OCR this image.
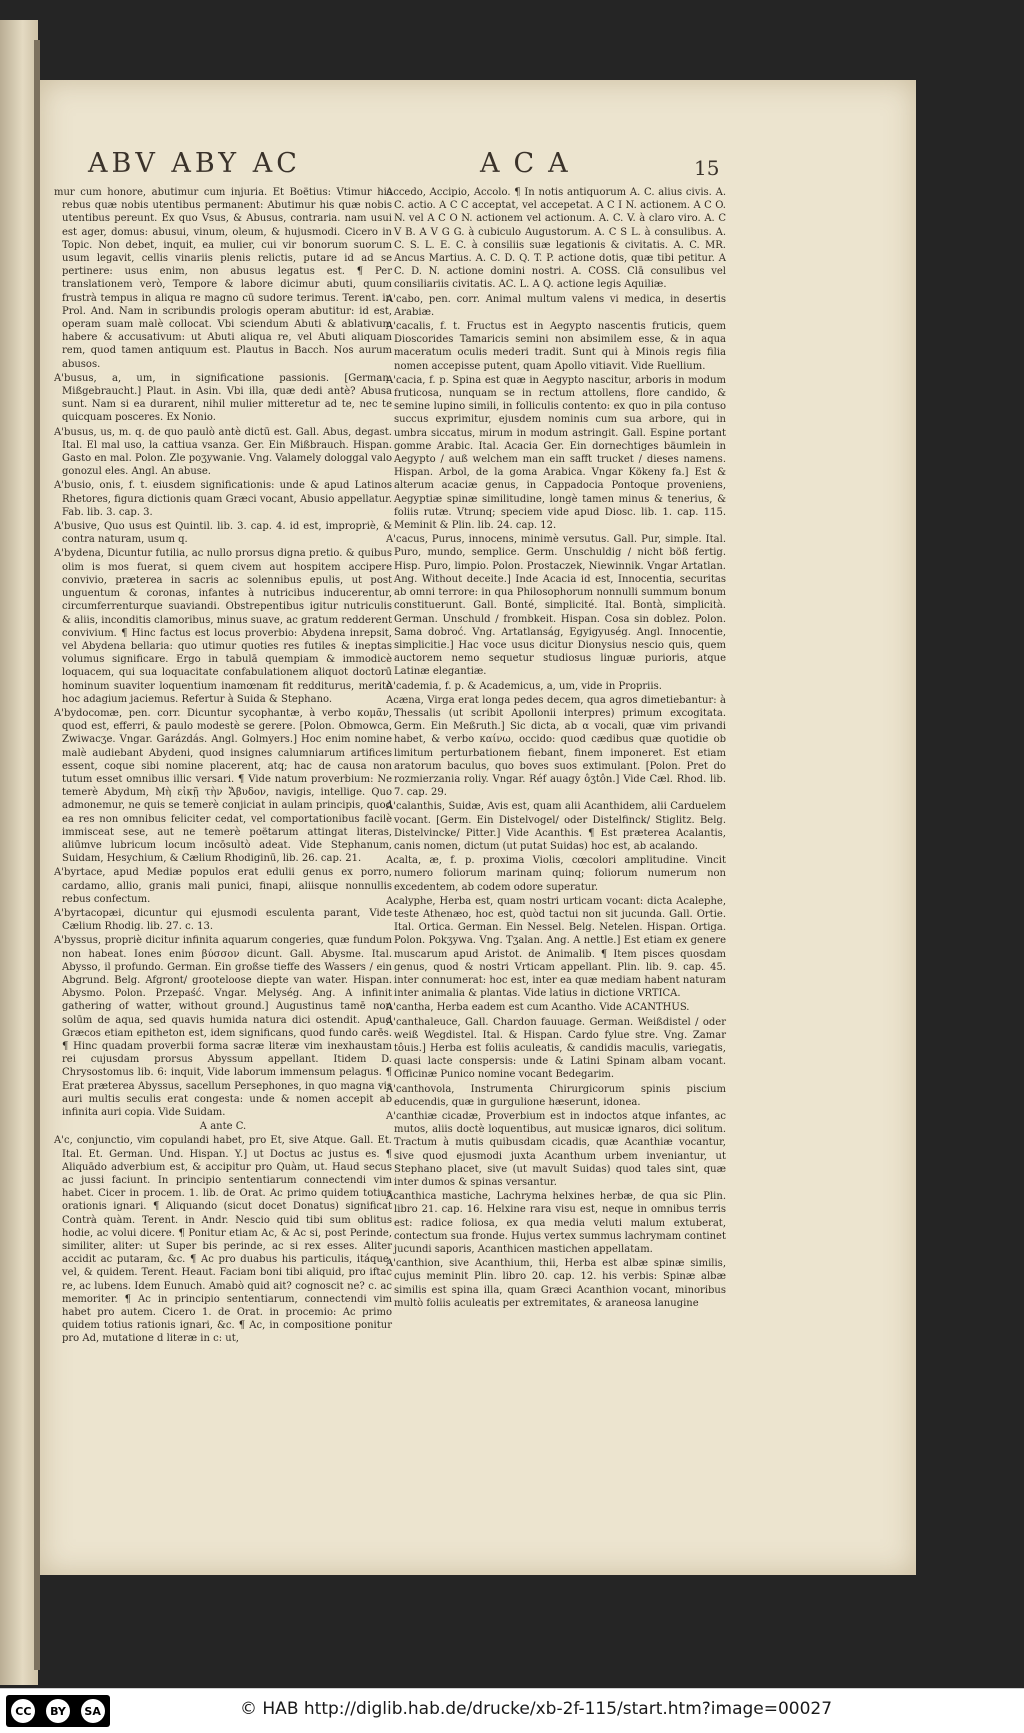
ABV ABY AC	ACA	15

mur cum honore, abutimur cum injuria. Et Boëtius: Vtimur his rebus quæ nobis utentibus permanent: Abutimur his quæ nobis utentibus pereunt. Ex quo Vsus, & Abusus, contraria. nam usui est ager, domus: abusui, vinum, oleum, & hujusmodi. Cicero in Topic. Non debet, inquit, ea mulier, cui vir bonorum suorum usum legavit, cellis vinariis plenis relictis, putare id ad se pertinere: usus enim, non abusus legatus est. ¶ Per translationem verò, Tempore & labore dicimur abuti, quum frustrà tempus in aliqua re magno cū sudore terimus. Terent. in Prol. And. Nam in scribundis prologis operam abutitur: id est, operam suam malè collocat. Vbi sciendum Abuti & ablativum habere & accusativum: ut Abuti aliqua re, vel Abuti aliquam rem, quod tamen antiquum est. Plautus in Bacch. Nos aurum abusos.

A'busus, a, um, in significatione passionis. [German. Mißgebraucht.] Plaut. in Asin. Vbi illa, quæ dedi antè? Abusa sunt. Nam si ea durarent, nihil mulier mitteretur ad te, nec te quicquam posceres. Ex Nonio.

A'busus, us, m. q. de quo paulò antè dictū est. Gall. Abus, degast. Ital. El mal uso, la cattiua vsanza. Ger. Ein Mißbrauch. Hispan. Gasto en mal. Polon. Zle poʒywanie. Vng. Valamely dologgal valo gonozul eles. Angl. An abuse.

A'busio, onis, f. t. eiusdem significationis: unde & apud Latinos Rhetores, figura dictionis quam Græci vocant, Abusio appellatur. Fab. lib. 3. cap. 3.

A'busive, Quo usus est Quintil. lib. 3. cap. 4. id est, impropriè, & contra naturam, usum q.

A'bydena, Dicuntur futilia, ac nullo prorsus digna pretio. & quibus olim is mos fuerat, si quem civem aut hospitem accipere convivio, præterea in sacris ac solennibus epulis, ut post unguentum & coronas, infantes à nutricibus inducerentur, circumferrenturque suaviandi. Obstrepentibus igitur nutriculis & aliis, inconditis clamoribus, minus suave, ac gratum redderent convivium. ¶ Hinc factus est locus proverbio: Abydena inrepsit, vel Abydena bellaria: quo utimur quoties res futiles & ineptas volumus significare. Ergo in tabulā quempiam & immodicè loquacem, qui sua loquacitate confabulationem aliquot doctorū hominum suaviter loquentium inamœnam fit redditurus, meritò hoc adagium jaciemus. Refertur à Suida & Stephano.

A'bydocomæ, pen. corr. Dicuntur sycophantæ, à verbo κομᾶν, quod est, efferri, & paulo modestè se gerere. [Polon. Obmowca, Zwiwacʒe. Vngar. Garázdás. Angl. Golmyers.] Hoc enim nomine malè audiebant Abydeni, quod insignes calumniarum artifices essent, coque sibi nomine placerent, atq; hac de causa non tutum esset omnibus illic versari. ¶ Vide natum proverbium: Ne temerè Abydum, Μὴ εἰκῇ τὴν Ἄβυδον, navigis, intellige. Quo admonemur, ne quis se temerè conjiciat in aulam principis, quod ea res non omnibus feliciter cedat, vel comportationibus facilè immisceat sese, aut ne temerè poëtarum attingat literas, aliūmve lubricum locum incōsultò adeat. Vide Stephanum, Suidam, Hesychium, & Cælium Rhodiginū, lib. 26. cap. 21.

A'byrtace, apud Mediæ populos erat edulii genus ex porro, cardamo, allio, granis mali punici, finapi, aliisque nonnullis rebus confectum.

A'byrtacopæi, dicuntur qui ejusmodi esculenta parant, Vide Cælium Rhodig. lib. 27. c. 13.

A'byssus, propriè dicitur infinita aquarum congeries, quæ fundum non habeat. Iones enim βύσσον dicunt. Gall. Abysme. Ital. Abysso, il profundo. German. Ein großse tieffe des Wassers / ein Abgrund. Belg. Afgront/ grooteloose diepte van water. Hispan. Abysmo. Polon. Przepaść. Vngar. Melység. Ang. A infinit gathering of watter, without ground.] Augustinus tamē non solūm de aqua, sed quavis humida natura dici ostendit. Apud Græcos etiam epitheton est, idem significans, quod fundo carēs. ¶ Hinc quadam proverbii forma sacræ literæ vim inexhaustam rei cujusdam prorsus Abyssum appellant. Itidem D. Chrysostomus lib. 6: inquit, Vide laborum immensum pelagus. ¶ Erat præterea Abyssus, sacellum Persephones, in quo magna vis auri multis seculis erat congesta: unde & nomen accepit ab infinita auri copia. Vide Suidam.

A ante C.

A'c, conjunctio, vim copulandi habet, pro Et, sive Atque. Gall. Et. Ital. Et. German. Und. Hispan. Y.] ut Doctus ac justus es. ¶ Aliquādo adverbium est, & accipitur pro Quàm, ut. Haud secus ac jussi faciunt. In principio sententiarum connectendi vim habet. Cicer in procem. 1. lib. de Orat. Ac primo quidem totius orationis ignari. ¶ Aliquando (sicut docet Donatus) significat Contrà quàm. Terent. in Andr. Nescio quid tibi sum oblitus hodie, ac volui dicere. ¶ Ponitur etiam Ac, & Ac si, post Perinde, similiter, aliter: ut Super bis perinde, ac si rex esses. Aliter accidit ac putaram, &c. ¶ Ac pro duabus his particulis, itáque, vel, & quidem. Terent. Heaut. Faciam boni tibi aliquid, pro iftac re, ac lubens. Idem Eunuch. Amabò quid ait? cognoscit ne? c. ac memoriter. ¶ Ac in principio sententiarum, connectendi vim habet pro autem. Cicero 1. de Orat. in procemio: Ac primo quidem totius rationis ignari, &c. ¶ Ac, in compositione ponitur pro Ad, mutatione d literæ in c: ut,

Accedo, Accipio, Accolo. ¶ In notis antiquorum A. C. alius civis. A. C. actio. A C C acceptat, vel accepetat. A C I N. actionem. A C O. N. vel A C O N. actionem vel actionum. A. C. V. à claro viro. A. C V B. A V G G. à cubiculo Augustorum. A. C S L. à consulibus. A. C. S. L. E. C. à consiliis suæ legationis & civitatis. A. C. MR. Ancus Martius. A. C. D. Q. T. P. actione dotis, quæ tibi petitur. A C. D. N. actione domini nostri. A. COSS. Clā consulibus vel consiliariis civitatis. AC. L. A Q. actione legis Aquiliæ.

A'cabo, pen. corr. Animal multum valens vi medica, in desertis Arabiæ.

A'cacalis, f. t. Fructus est in Aegypto nascentis fruticis, quem Dioscorides Tamaricis semini non absimilem esse, & in aqua maceratum oculis mederi tradit. Sunt qui à Minois regis filia nomen accepisse putent, quam Apollo vitiavit. Vide Ruellium.

A'cacia, f. p. Spina est quæ in Aegypto nascitur, arboris in modum fruticosa, nunquam se in rectum attollens, flore candido, & semine lupino simili, in folliculis contento: ex quo in pila contuso succus exprimitur, ejusdem nominis cum sua arbore, qui in umbra siccatus, mirum in modum astringit. Gall. Espine portant gomme Arabic. Ital. Acacia Ger. Ein dornechtiges bäumlein in Aegypto / auß welchem man ein safft trucket / dieses namens. Hispan. Arbol, de la goma Arabica. Vngar Kökeny fa.] Est & alterum acaciæ genus, in Cappadocia Pontoque proveniens, Aegyptiæ spinæ similitudine, longè tamen minus & tenerius, & foliis rutæ. Vtrunq; speciem vide apud Diosc. lib. 1. cap. 115. Meminit & Plin. lib. 24. cap. 12.

A'cacus, Purus, innocens, minimè versutus. Gall. Pur, simple. Ital. Puro, mundo, semplice. Germ. Unschuldig / nicht böß fertig. Hisp. Puro, limpio. Polon. Prostaczek, Niewinnik. Vngar Artatlan. Ang. Without deceite.] Inde Acacia id est, Innocentia, securitas ab omni terrore: in qua Philosophorum nonnulli summum bonum constituerunt. Gall. Bonté, simplicité. Ital. Bontà, simplicità. German. Unschuld / frombkeit. Hispan. Cosa sin doblez. Polon. Sama dobroć. Vng. Artatlanság, Egyigyuség. Angl. Innocentie, simplicitie.] Hac voce usus dicitur Dionysius nescio quis, quem auctorem nemo sequetur studiosus linguæ purioris, atque Latinæ elegantiæ.

A'cademia, f. p. & Academicus, a, um, vide in Propriis.

Acæna, Virga erat longa pedes decem, qua agros dimetiebantur: à Thessalis (ut scribit Apollonii interpres) primum excogitata. Germ. Ein Meßruth.] Sic dicta, ab α vocali, quæ vim privandi habet, & verbo καίνω, occido: quod cædibus quæ quotidie ob limitum perturbationem fiebant, finem imponeret. Est etiam aratorum baculus, quo boves suos extimulant. [Polon. Pret do rozmierzania roliy. Vngar. Réf auagy ôʒtôn.] Vide Cæl. Rhod. lib. 7. cap. 29.

A'calanthis, Suidæ, Avis est, quam alii Acanthidem, alii Carduelem vocant. [Germ. Ein Distelvogel/ oder Distelfinck/ Stiglitz. Belg. Distelvincke/ Pitter.] Vide Acanthis. ¶ Est præterea Acalantis, canis nomen, dictum (ut putat Suidas) hoc est, ab acalando.

Acalta, æ, f. p. proxima Violis, cœcolori amplitudine. Vincit numero foliorum marinam quinq; foliorum numerum non excedentem, ab codem odore superatur.

Acalyphe, Herba est, quam nostri urticam vocant: dicta Acalephe, teste Athenæo, hoc est, quòd tactui non sit jucunda. Gall. Ortie. Ital. Ortica. German. Ein Nessel. Belg. Netelen. Hispan. Ortiga. Polon. Pokʒywa. Vng. Tʒalan. Ang. A nettle.] Est etiam ex genere muscarum apud Aristot. de Animalib. ¶ Item pisces quosdam genus, quod & nostri Vrticam appellant. Plin. lib. 9. cap. 45. inter connumerat: hoc est, inter ea quæ mediam habent naturam inter animalia & plantas. Vide latius in dictione VRTICA.

A'cantha, Herba eadem est cum Acantho. Vide ACANTHUS.

A'canthaleuce, Gall. Chardon fauuage. German. Weißdistel / oder weiß Wegdistel. Ital. & Hispan. Cardo fylue stre. Vng. Zamar tôuis.] Herba est foliis aculeatis, & candidis maculis, variegatis, quasi lacte conspersis: unde & Latini Spinam albam vocant. Officinæ Punico nomine vocant Bedegarim.

A'canthovola, Instrumenta Chirurgicorum spinis piscium educendis, quæ in gurgulione hæserunt, idonea.

A'canthiæ cicadæ, Proverbium est in indoctos atque infantes, ac mutos, aliis doctè loquentibus, aut musicæ ignaros, dici solitum. Tractum à mutis quibusdam cicadis, quæ Acanthiæ vocantur, sive quod ejusmodi juxta Acanthum urbem inveniantur, ut Stephano placet, sive (ut mavult Suidas) quod tales sint, quæ inter dumos & spinas versantur.

Acanthica mastiche, Lachryma helxines herbæ, de qua sic Plin. libro 21. cap. 16. Helxine rara visu est, neque in omnibus terris est: radice foliosa, ex qua media veluti malum extuberat, contectum sua fronde. Hujus vertex summus lachrymam continet jucundi saporis, Acanthicen mastichen appellatam.

A'canthion, sive Acanthium, thii, Herba est albæ spinæ similis, cujus meminit Plin. libro 20. cap. 12. his verbis: Spinæ albæ similis est spina illa, quam Græci Acanthion vocant, minoribus multò foliis aculeatis per extremitates, & araneosa lanugine

CC	BY	SA	© HAB http://diglib.hab.de/drucke/xb-2f-115/start.htm?image=00027
